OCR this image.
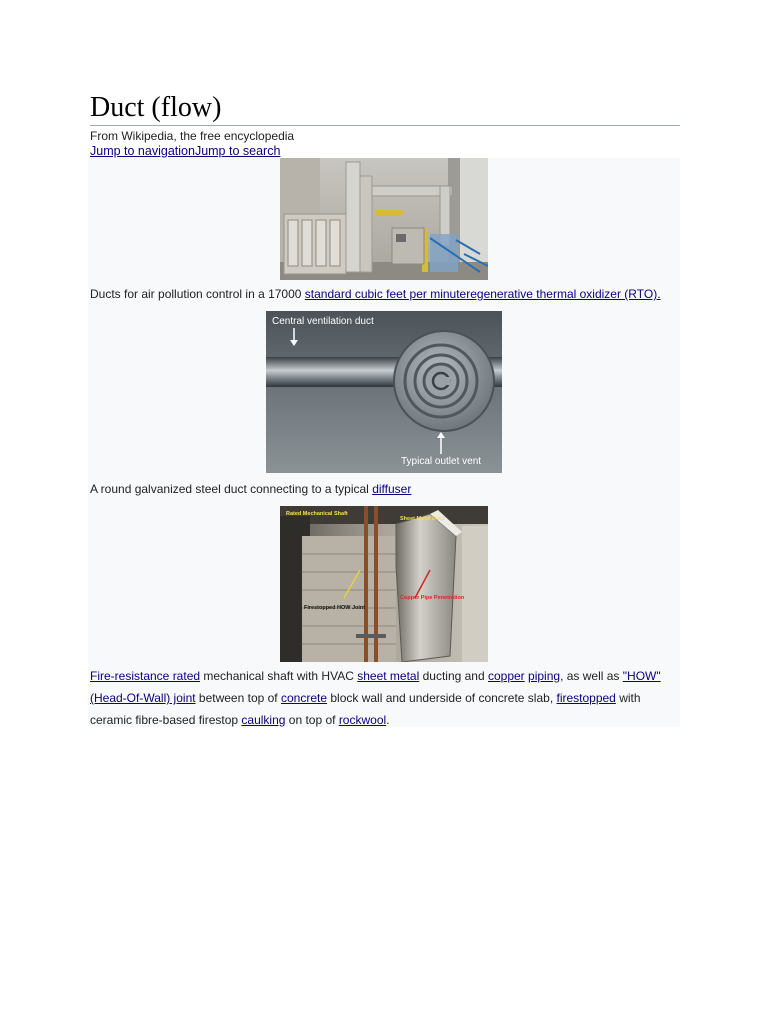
Duct (flow)
From Wikipedia, the free encyclopedia
Jump to navigationJump to search
Ducts for air pollution control in a 17000 standard cubic feet per minuteregenerative thermal oxidizer (RTO).
Central ventilation duct
Typical outlet vent
A round galvanized steel duct connecting to a typical diffuser
Rated Mechanical Shaft
Sheet Metal Duct
Firestopped HOW Joint
Copper Pipe Penetration
Fire-resistance rated mechanical shaft with HVAC sheet metal ducting and copper piping, as well as "HOW" (Head-Of-Wall) joint between top of concrete block wall and underside of concrete slab, firestopped with ceramic fibre-based firestop caulking on top of rockwool.
